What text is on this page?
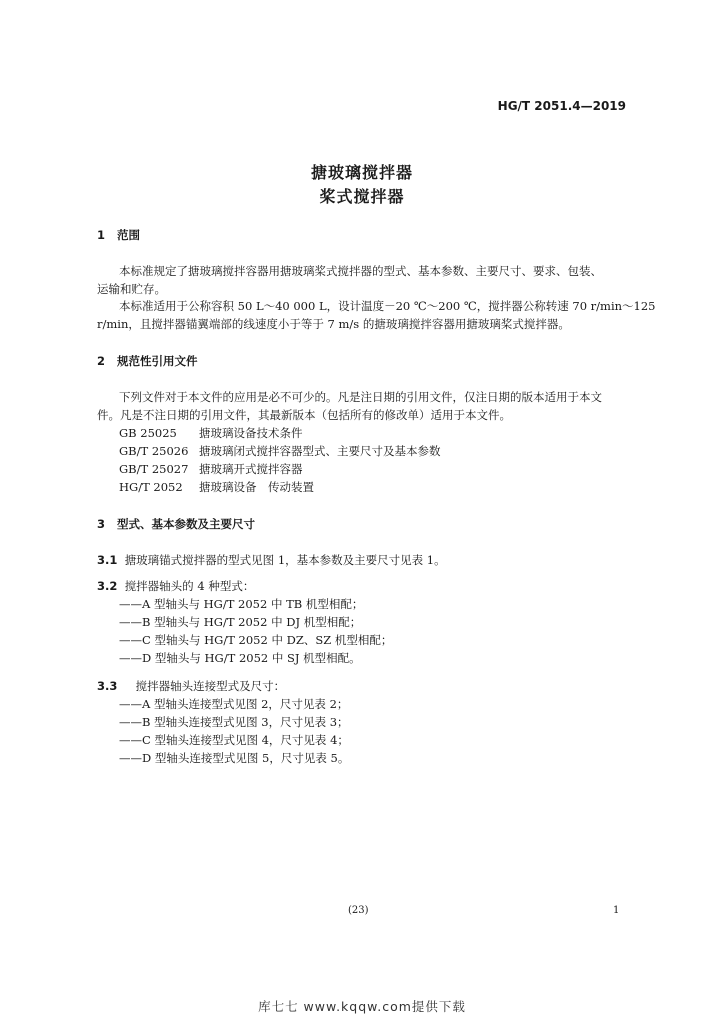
HG/T 2051.4—2019
搪玻璃搅拌器
桨式搅拌器
1 范围
本标准规定了搪玻璃搅拌容器用搪玻璃桨式搅拌器的型式、基本参数、主要尺寸、要求、包装、
运输和贮存。
本标准适用于公称容积 50 L～40 000 L，设计温度－20 ℃～200 ℃，搅拌器公称转速 70 r/min～125
r/min，且搅拌器锚翼端部的线速度小于等于 7 m/s 的搪玻璃搅拌容器用搪玻璃桨式搅拌器。
2 规范性引用文件
下列文件对于本文件的应用是必不可少的。凡是注日期的引用文件，仅注日期的版本适用于本文
件。凡是不注日期的引用文件，其最新版本（包括所有的修改单）适用于本文件。
GB 25025 搪玻璃设备技术条件
GB/T 25026 搪玻璃闭式搅拌容器型式、主要尺寸及基本参数
GB/T 25027 搪玻璃开式搅拌容器
HG/T 2052 搪玻璃设备　传动装置
3 型式、基本参数及主要尺寸
3.1 搪玻璃锚式搅拌器的型式见图 1，基本参数及主要尺寸见表 1。
3.2 搅拌器轴头的 4 种型式：
——A 型轴头与 HG/T 2052 中 TB 机型相配；
——B 型轴头与 HG/T 2052 中 DJ 机型相配；
——C 型轴头与 HG/T 2052 中 DZ、SZ 机型相配；
——D 型轴头与 HG/T 2052 中 SJ 机型相配。
3.3 搅拌器轴头连接型式及尺寸：
——A 型轴头连接型式见图 2，尺寸见表 2；
——B 型轴头连接型式见图 3，尺寸见表 3；
——C 型轴头连接型式见图 4，尺寸见表 4；
——D 型轴头连接型式见图 5，尺寸见表 5。
(23)	1
库七七 www.kqqw.com提供下载
